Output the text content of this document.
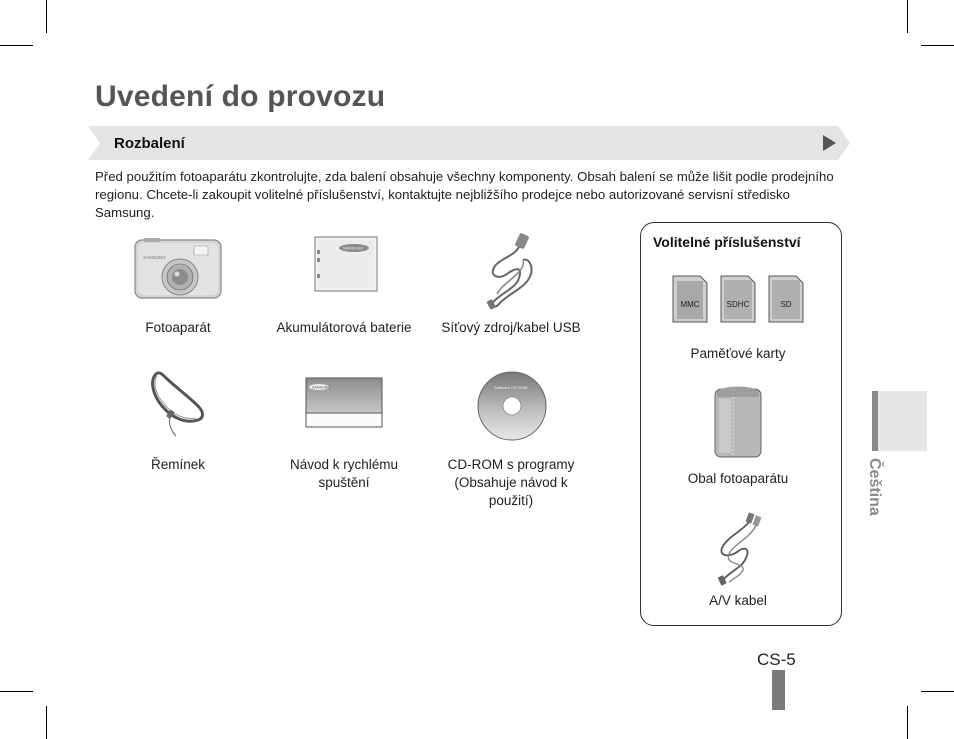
Uvedení do provozu
Rozbalení
Před použitím fotoaparátu zkontrolujte, zda balení obsahuje všechny komponenty. Obsah balení se může lišit podle prodejního regionu. Chcete-li zakoupit volitelné příslušenství, kontaktujte nejbližšího prodejce nebo autorizované servisní středisko Samsung.
SAMSUNG
SAMSUNG
SAMSUNG	Software CD-ROM
Fotoaparát	Akumulátorová baterie	Síťový zdroj/kabel USB
Řemínek	Návod k rychlému spuštění
CD-ROM s programy (Obsahuje návod k použití)
Volitelné příslušenství
MMC	SDHC	SD
Paměťové karty
Obal fotoaparátu
A/V kabel
Čeština
CS-5
